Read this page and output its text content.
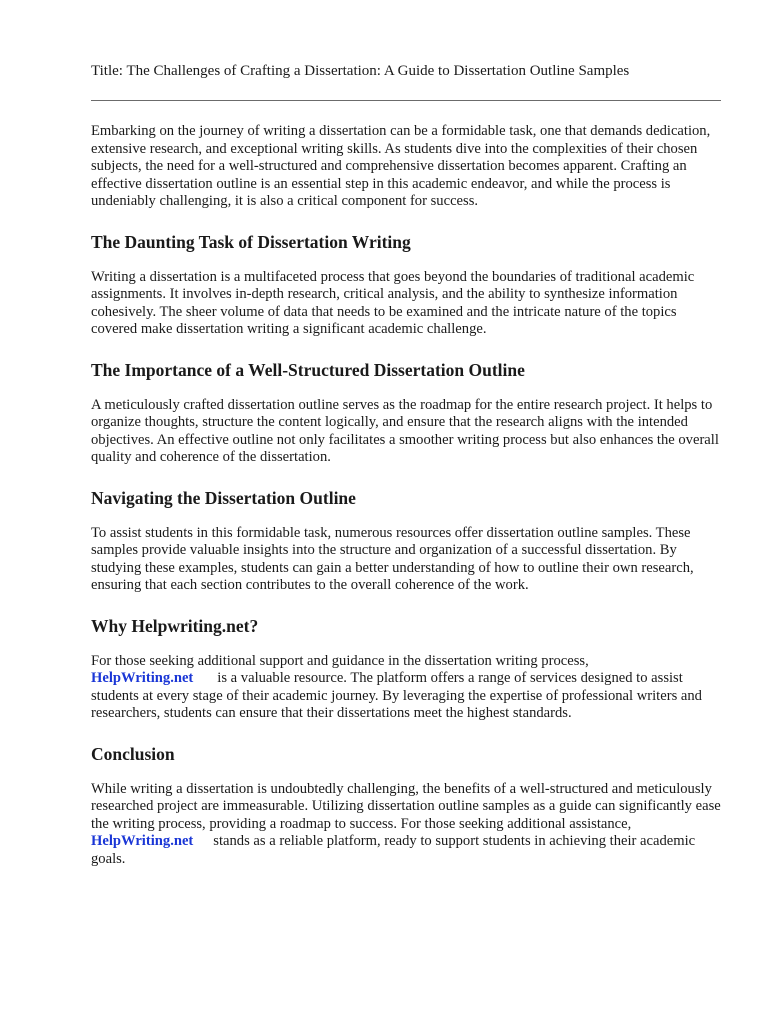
Title: The Challenges of Crafting a Dissertation: A Guide to Dissertation Outline Samples

Embarking on the journey of writing a dissertation can be a formidable task, one that demands dedication, extensive research, and exceptional writing skills. As students dive into the complexities of their chosen subjects, the need for a well-structured and comprehensive dissertation becomes apparent. Crafting an effective dissertation outline is an essential step in this academic endeavor, and while the process is undeniably challenging, it is also a critical component for success.

The Daunting Task of Dissertation Writing

Writing a dissertation is a multifaceted process that goes beyond the boundaries of traditional academic assignments. It involves in-depth research, critical analysis, and the ability to synthesize information cohesively. The sheer volume of data that needs to be examined and the intricate nature of the topics covered make dissertation writing a significant academic challenge.

The Importance of a Well-Structured Dissertation Outline

A meticulously crafted dissertation outline serves as the roadmap for the entire research project. It helps to organize thoughts, structure the content logically, and ensure that the research aligns with the intended objectives. An effective outline not only facilitates a smoother writing process but also enhances the overall quality and coherence of the dissertation.

Navigating the Dissertation Outline

To assist students in this formidable task, numerous resources offer dissertation outline samples. These samples provide valuable insights into the structure and organization of a successful dissertation. By studying these examples, students can gain a better understanding of how to outline their own research, ensuring that each section contributes to the overall coherence of the work.

Why Helpwriting.net?

For those seeking additional support and guidance in the dissertation writing process,
HelpWriting.net is a valuable resource. The platform offers a range of services designed to assist students at every stage of their academic journey. By leveraging the expertise of professional writers and researchers, students can ensure that their dissertations meet the highest standards.

Conclusion

While writing a dissertation is undoubtedly challenging, the benefits of a well-structured and meticulously researched project are immeasurable. Utilizing dissertation outline samples as a guide can significantly ease the writing process, providing a roadmap to success. For those seeking additional assistance,HelpWriting.net stands as a reliable platform, ready to support students in achieving their academic goals.
